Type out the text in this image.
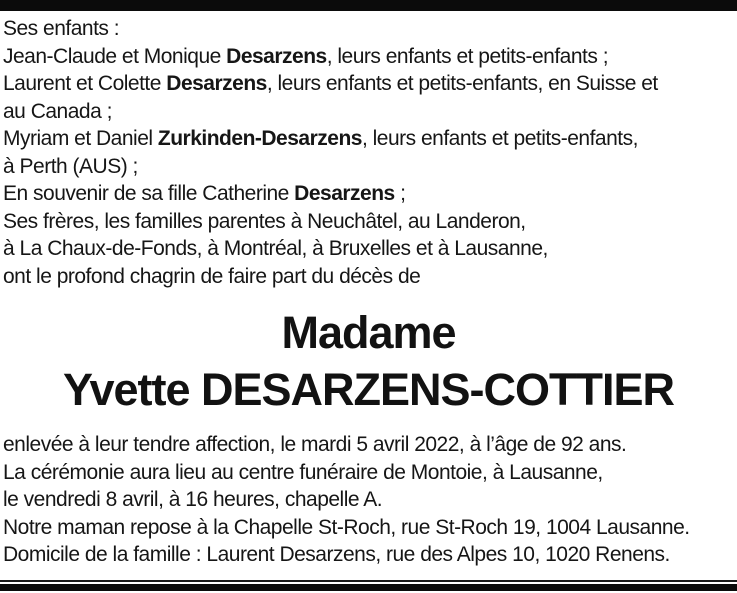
Ses enfants :
Jean-Claude et Monique Desarzens, leurs enfants et petits-enfants ;
Laurent et Colette Desarzens, leurs enfants et petits-enfants, en Suisse et
au Canada ;
Myriam et Daniel Zurkinden-Desarzens, leurs enfants et petits-enfants,
à Perth (AUS) ;
En souvenir de sa fille Catherine Desarzens ;
Ses frères, les familles parentes à Neuchâtel, au Landeron,
à La Chaux-de-Fonds, à Montréal, à Bruxelles et à Lausanne,
ont le profond chagrin de faire part du décès de
Madame
Yvette DESARZENS-COTTIER
enlevée à leur tendre affection, le mardi 5 avril 2022, à l’âge de 92 ans.
La cérémonie aura lieu au centre funéraire de Montoie, à Lausanne,
le vendredi 8 avril, à 16 heures, chapelle A.
Notre maman repose à la Chapelle St-Roch, rue St-Roch 19, 1004 Lausanne.
Domicile de la famille : Laurent Desarzens, rue des Alpes 10, 1020 Renens.
